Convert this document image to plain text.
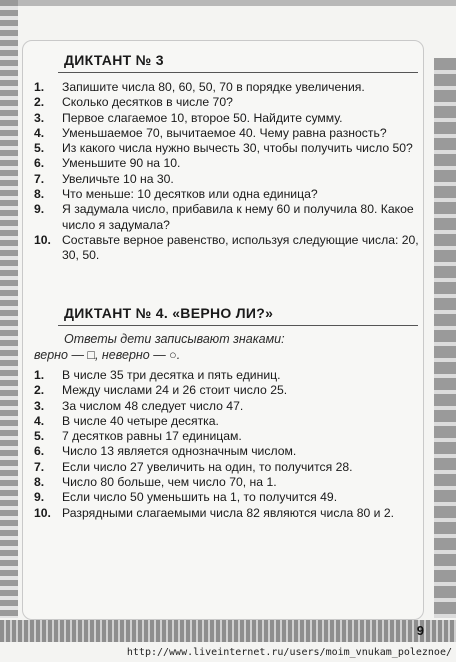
ДИКТАНТ № 3
1.	Запишите числа 80, 60, 50, 70 в порядке увеличения.
2.	Сколько десятков в числе 70?
3.	Первое слагаемое 10, второе 50. Найдите сумму.
4.	Уменьшаемое 70, вычитаемое 40. Чему равна разность?
5.	Из какого числа нужно вычесть 30, чтобы получить число 50?
6.	Уменьшите 90 на 10.
7.	Увеличьте 10 на 30.
8.	Что меньше: 10 десятков или одна единица?
9.	Я задумала число, прибавила к нему 60 и получила 80. Какое число я задумала?
10. Составьте верное равенство, используя следующие числа: 20, 30, 50.
ДИКТАНТ № 4. «ВЕРНО ЛИ?»
Ответы дети записывают знаками:
верно — □, неверно — ○.
1.	В числе 35 три десятка и пять единиц.
2.	Между числами 24 и 26 стоит число 25.
3.	За числом 48 следует число 47.
4.	В числе 40 четыре десятка.
5.	7 десятков равны 17 единицам.
6.	Число 13 является однозначным числом.
7.	Если число 27 увеличить на один, то получится 28.
8.	Число 80 больше, чем число 70, на 1.
9.	Если число 50 уменьшить на 1, то получится 49.
10. Разрядными слагаемыми числа 82 являются числа 80 и 2.
9
http://www.liveinternet.ru/users/moim_vnukam_poleznoe/
